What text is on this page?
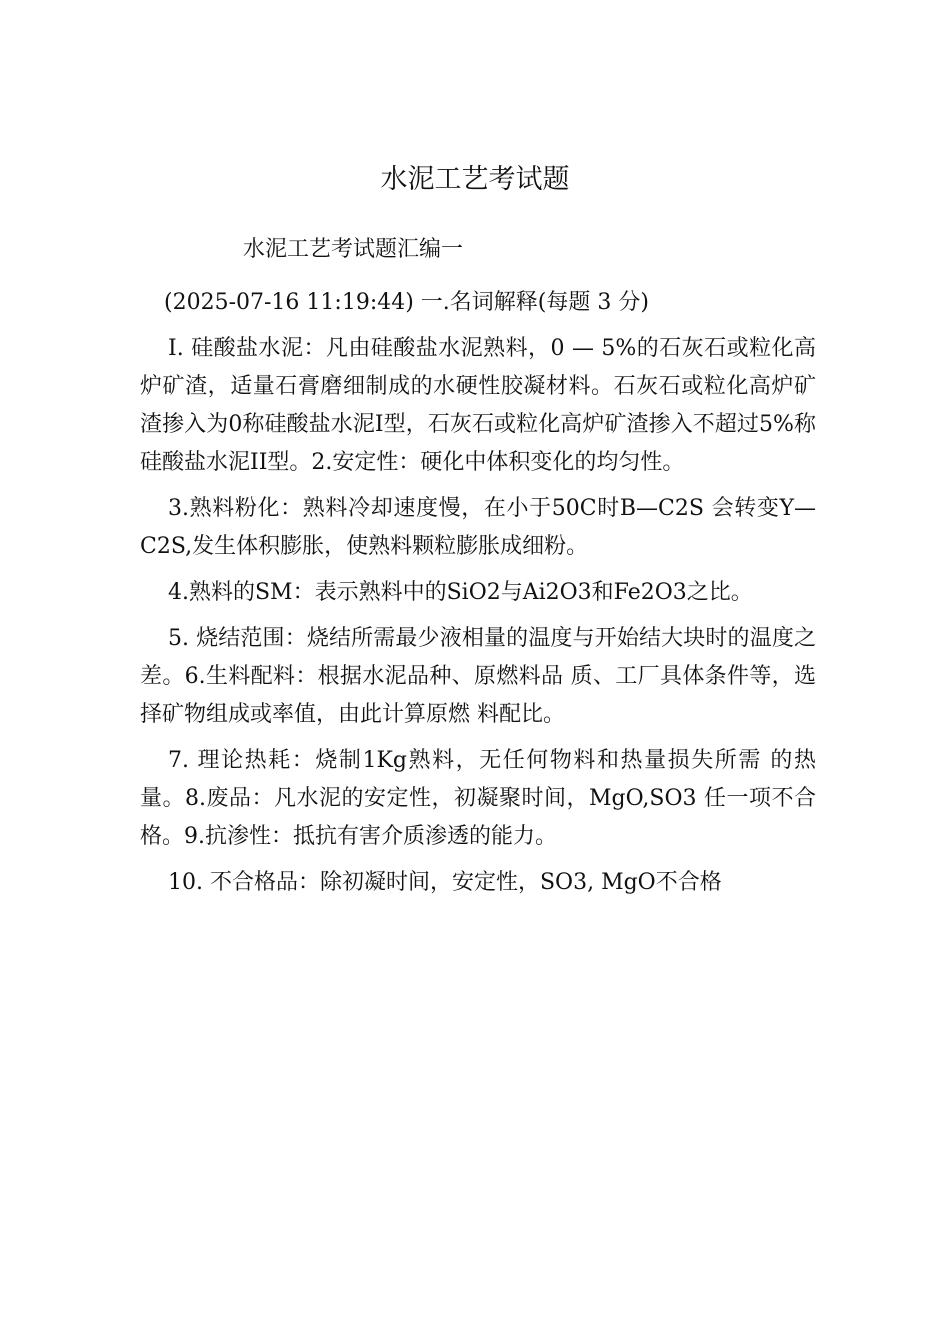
水泥工艺考试题
水泥工艺考试题汇编一

(2025-07-16 11:19:44) 一.名词解释(每题 3 分)

I. 硅酸盐水泥：凡由硅酸盐水泥熟料，0 — 5%的石灰石或粒化高炉矿渣，适量石膏磨细制成的水硬性胶凝材料。石灰石或粒化高炉矿渣掺入为0称硅酸盐水泥I型，石灰石或粒化高炉矿渣掺入不超过5%称硅酸盐水泥II型。2.安定性：硬化中体积变化的均匀性。

3.熟料粉化：熟料冷却速度慢，在小于50C时B—C2S 会转变Y—C2S,发生体积膨胀，使熟料颗粒膨胀成细粉。

4.熟料的SM：表示熟料中的SiO2与Ai2O3和Fe2O3之比。

5. 烧结范围：烧结所需最少液相量的温度与开始结大块时的温度之差。6.生料配料：根据水泥品种、原燃料品 质、工厂具体条件等，选择矿物组成或率值，由此计算原燃 料配比。

7. 理论热耗：烧制1Kg熟料，无任何物料和热量损失所需 的热量。8.废品：凡水泥的安定性，初凝聚时间，MgO,SO3 任一项不合格。9.抗渗性：抵抗有害介质渗透的能力。

10. 不合格品：除初凝时间，安定性，SO3, MgO不合格
